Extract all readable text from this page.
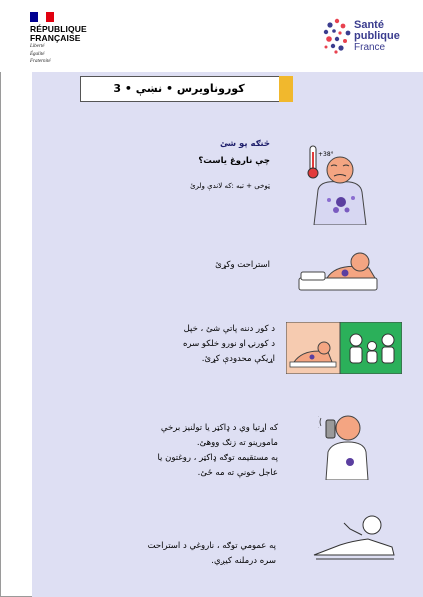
RÉPUBLIQUE
FRANÇAISE
Liberté
Égalité
Fraternité
Santé
publique
France
کوروناویرس • نښې • 3
څنګه پو شئ
چې ناروغ یاست؟
ټوخی + تبه :که لاندې ولرئ
+38°
استراحت وکړئ
د کور دننه پاتې شئ ، خپل
د کورنۍ او نورو خلکو سره
اړیکې محدودې کړئ.
که اړتیا وي د ډاکټر یا تولنیز برخې
مامورینو ته زنګ ووهئ.
په مستقیمه توګه ډاکټر ، روغتون یا
عاجل خونې ته مه ځئ.
په عمومي توګه ، ناروغي د استراحت
سره درملنه کیږي.
